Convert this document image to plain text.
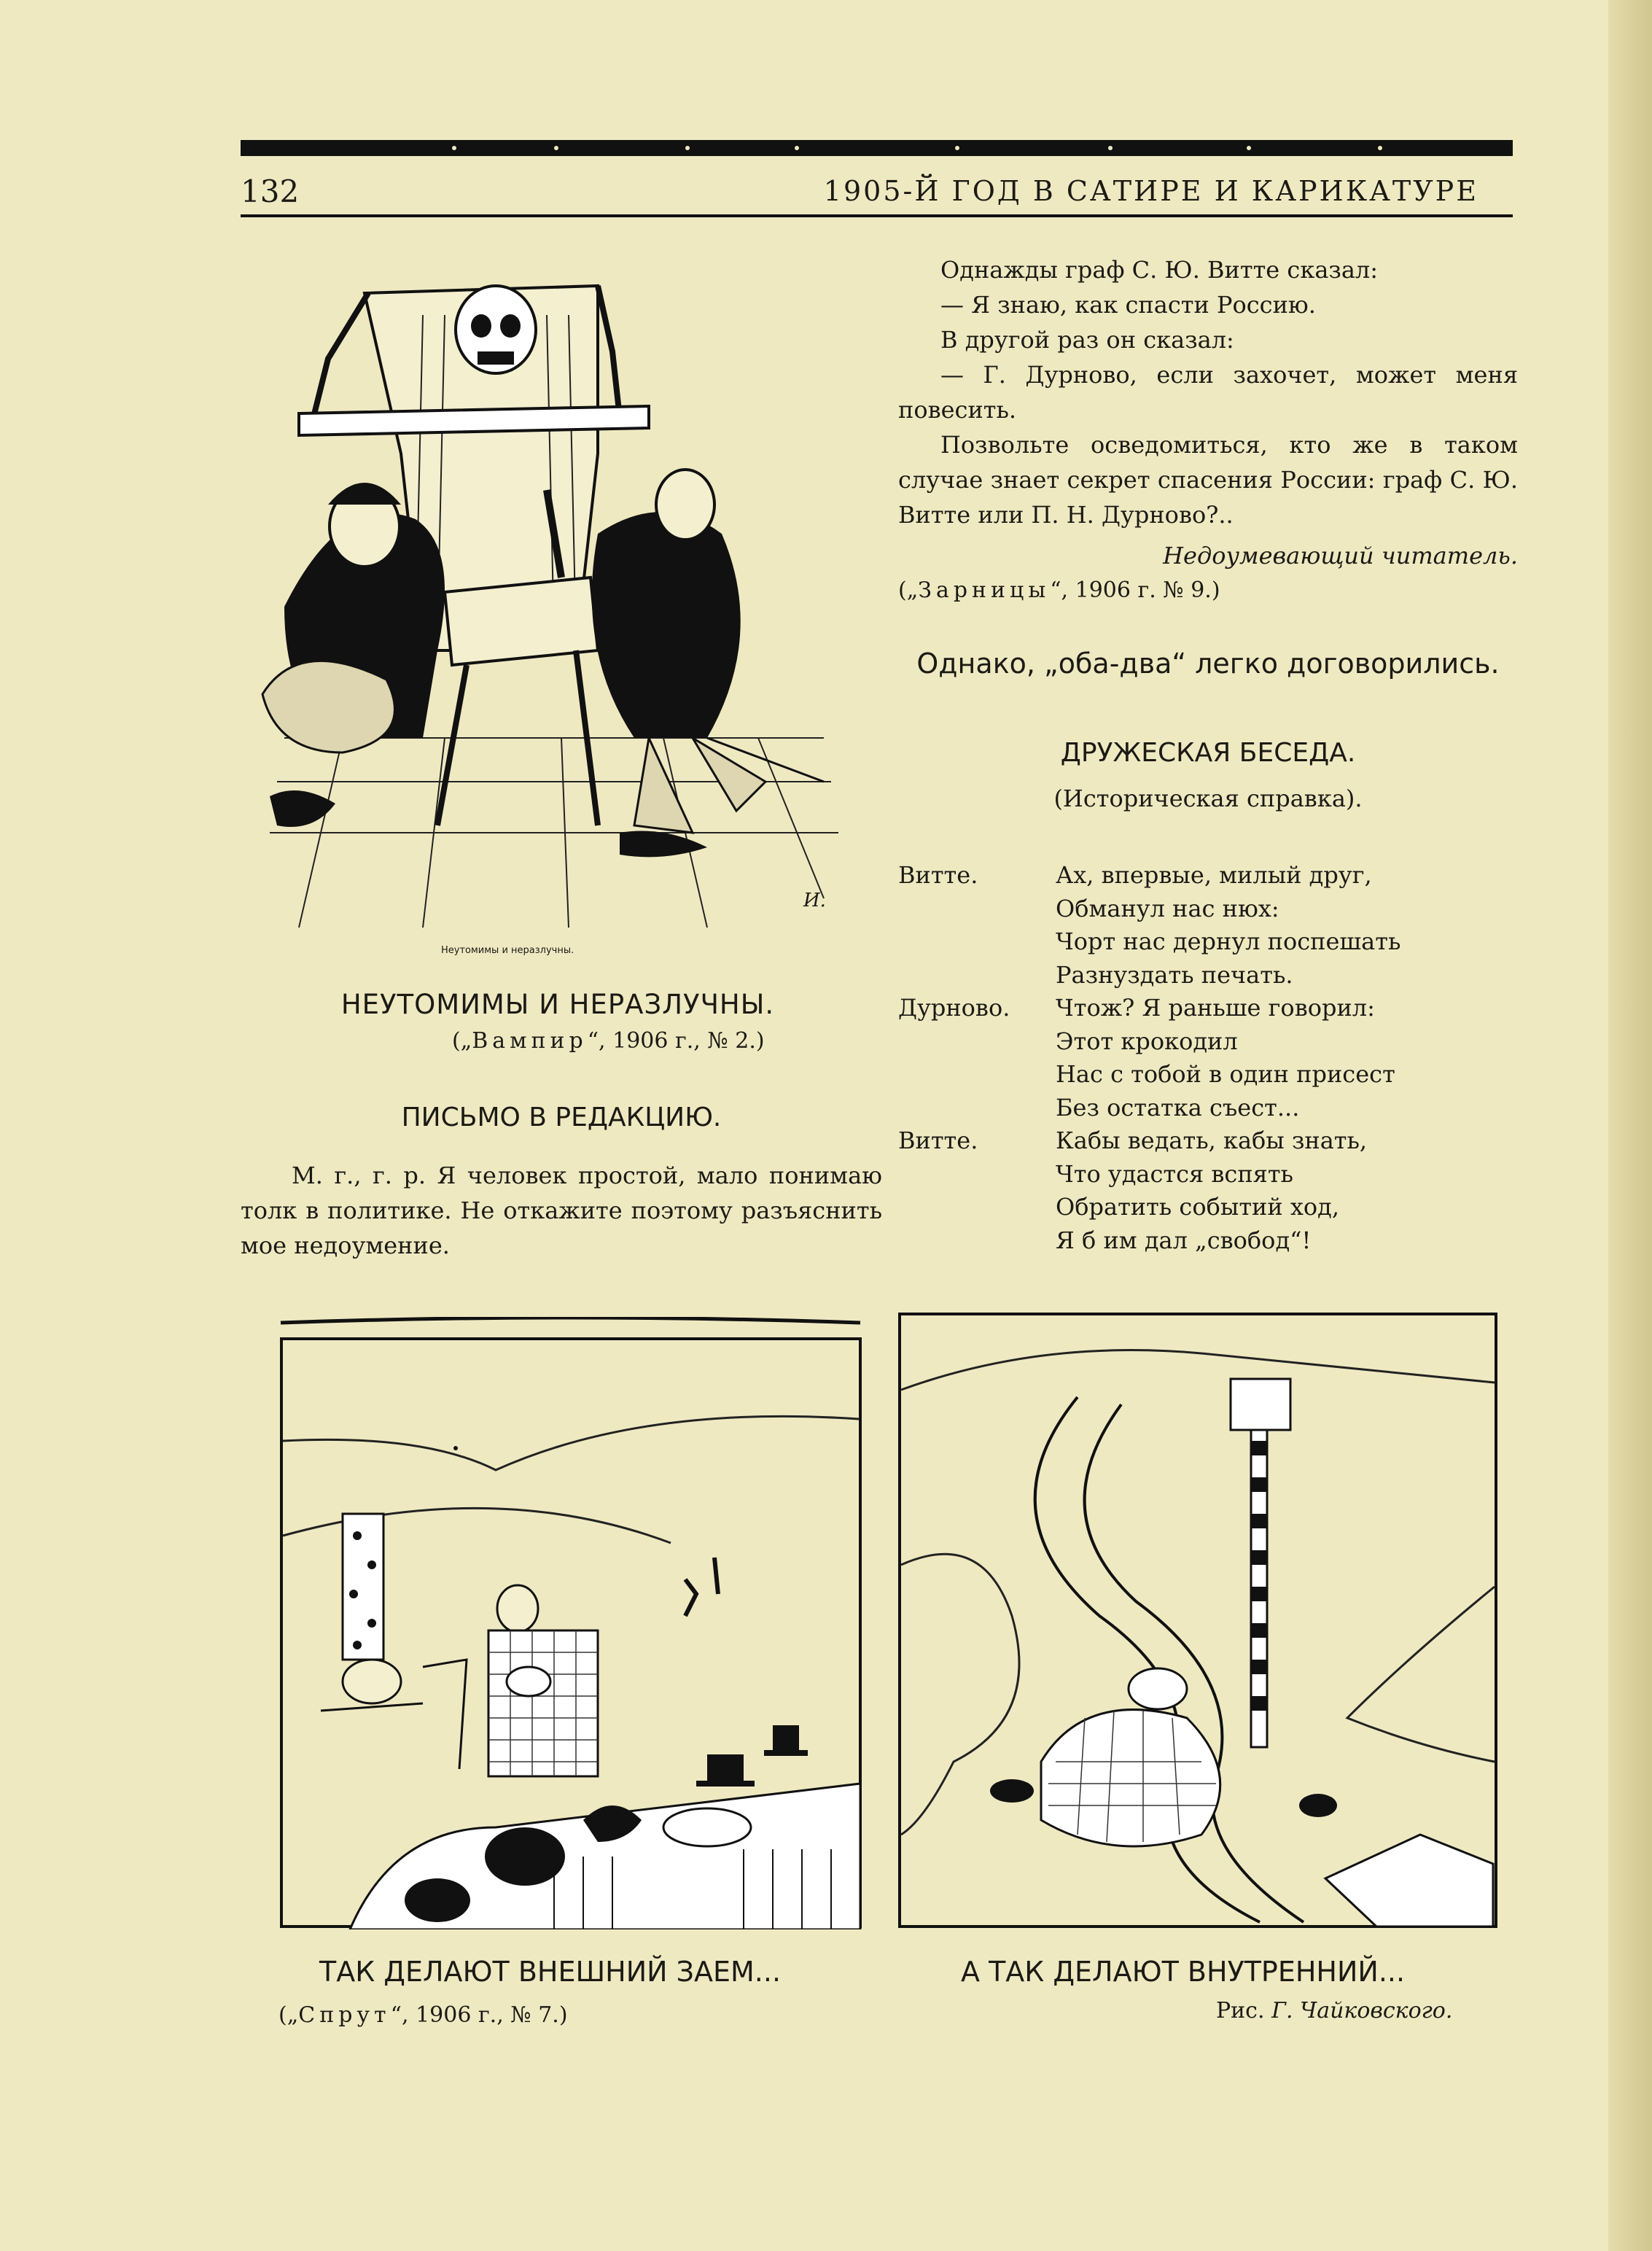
132	1905-Й ГОД В САТИРЕ И КАРИКАТУРЕ
Неутомимы и неразлучны.
И.
НЕУТОМИМЫ И НЕРАЗЛУЧНЫ.
(„Вампир“, 1906 г., № 2.)
ПИСЬМО В РЕДАКЦИЮ.
М. г., г. р. Я человек простой, мало понимаю толк в политике. Не откажите поэтому разъяснить мое недоумение.

Однажды граф С. Ю. Витте сказал:

— Я знаю, как спасти Россию.

В другой раз он сказал:

— Г. Дурново, если захочет, может меня повесить.

Позвольте осведомиться, кто же в таком случае знает секрет спасения России: граф С. Ю. Витте или П. Н. Дурново?..

Недоумевающий читатель.

(„Зарницы“, 1906 г. № 9.)

Однако, „оба-два“ легко договорились.
ДРУЖЕСКАЯ БЕСЕДА.
(Историческая справка).
Витте.	Ах, впервые, милый друг,
Обманул нас нюх:
Чорт нас дернул поспешать
Разнуздать печать.
Дурново.	Чтож? Я раньше говорил:
Этот крокодил
Нас с тобой в один присест
Без остатка съест...
Витте.	Кабы ведать, кабы знать,
Что удастся вспять
Обратить событий ход,
Я б им дал „свобод“!
ТАК ДЕЛАЮТ ВНЕШНИЙ ЗАЕМ...	А ТАК ДЕЛАЮТ ВНУТРЕННИЙ...
(„Спрут“, 1906 г., № 7.)	Рис. Г. Чайковского.
